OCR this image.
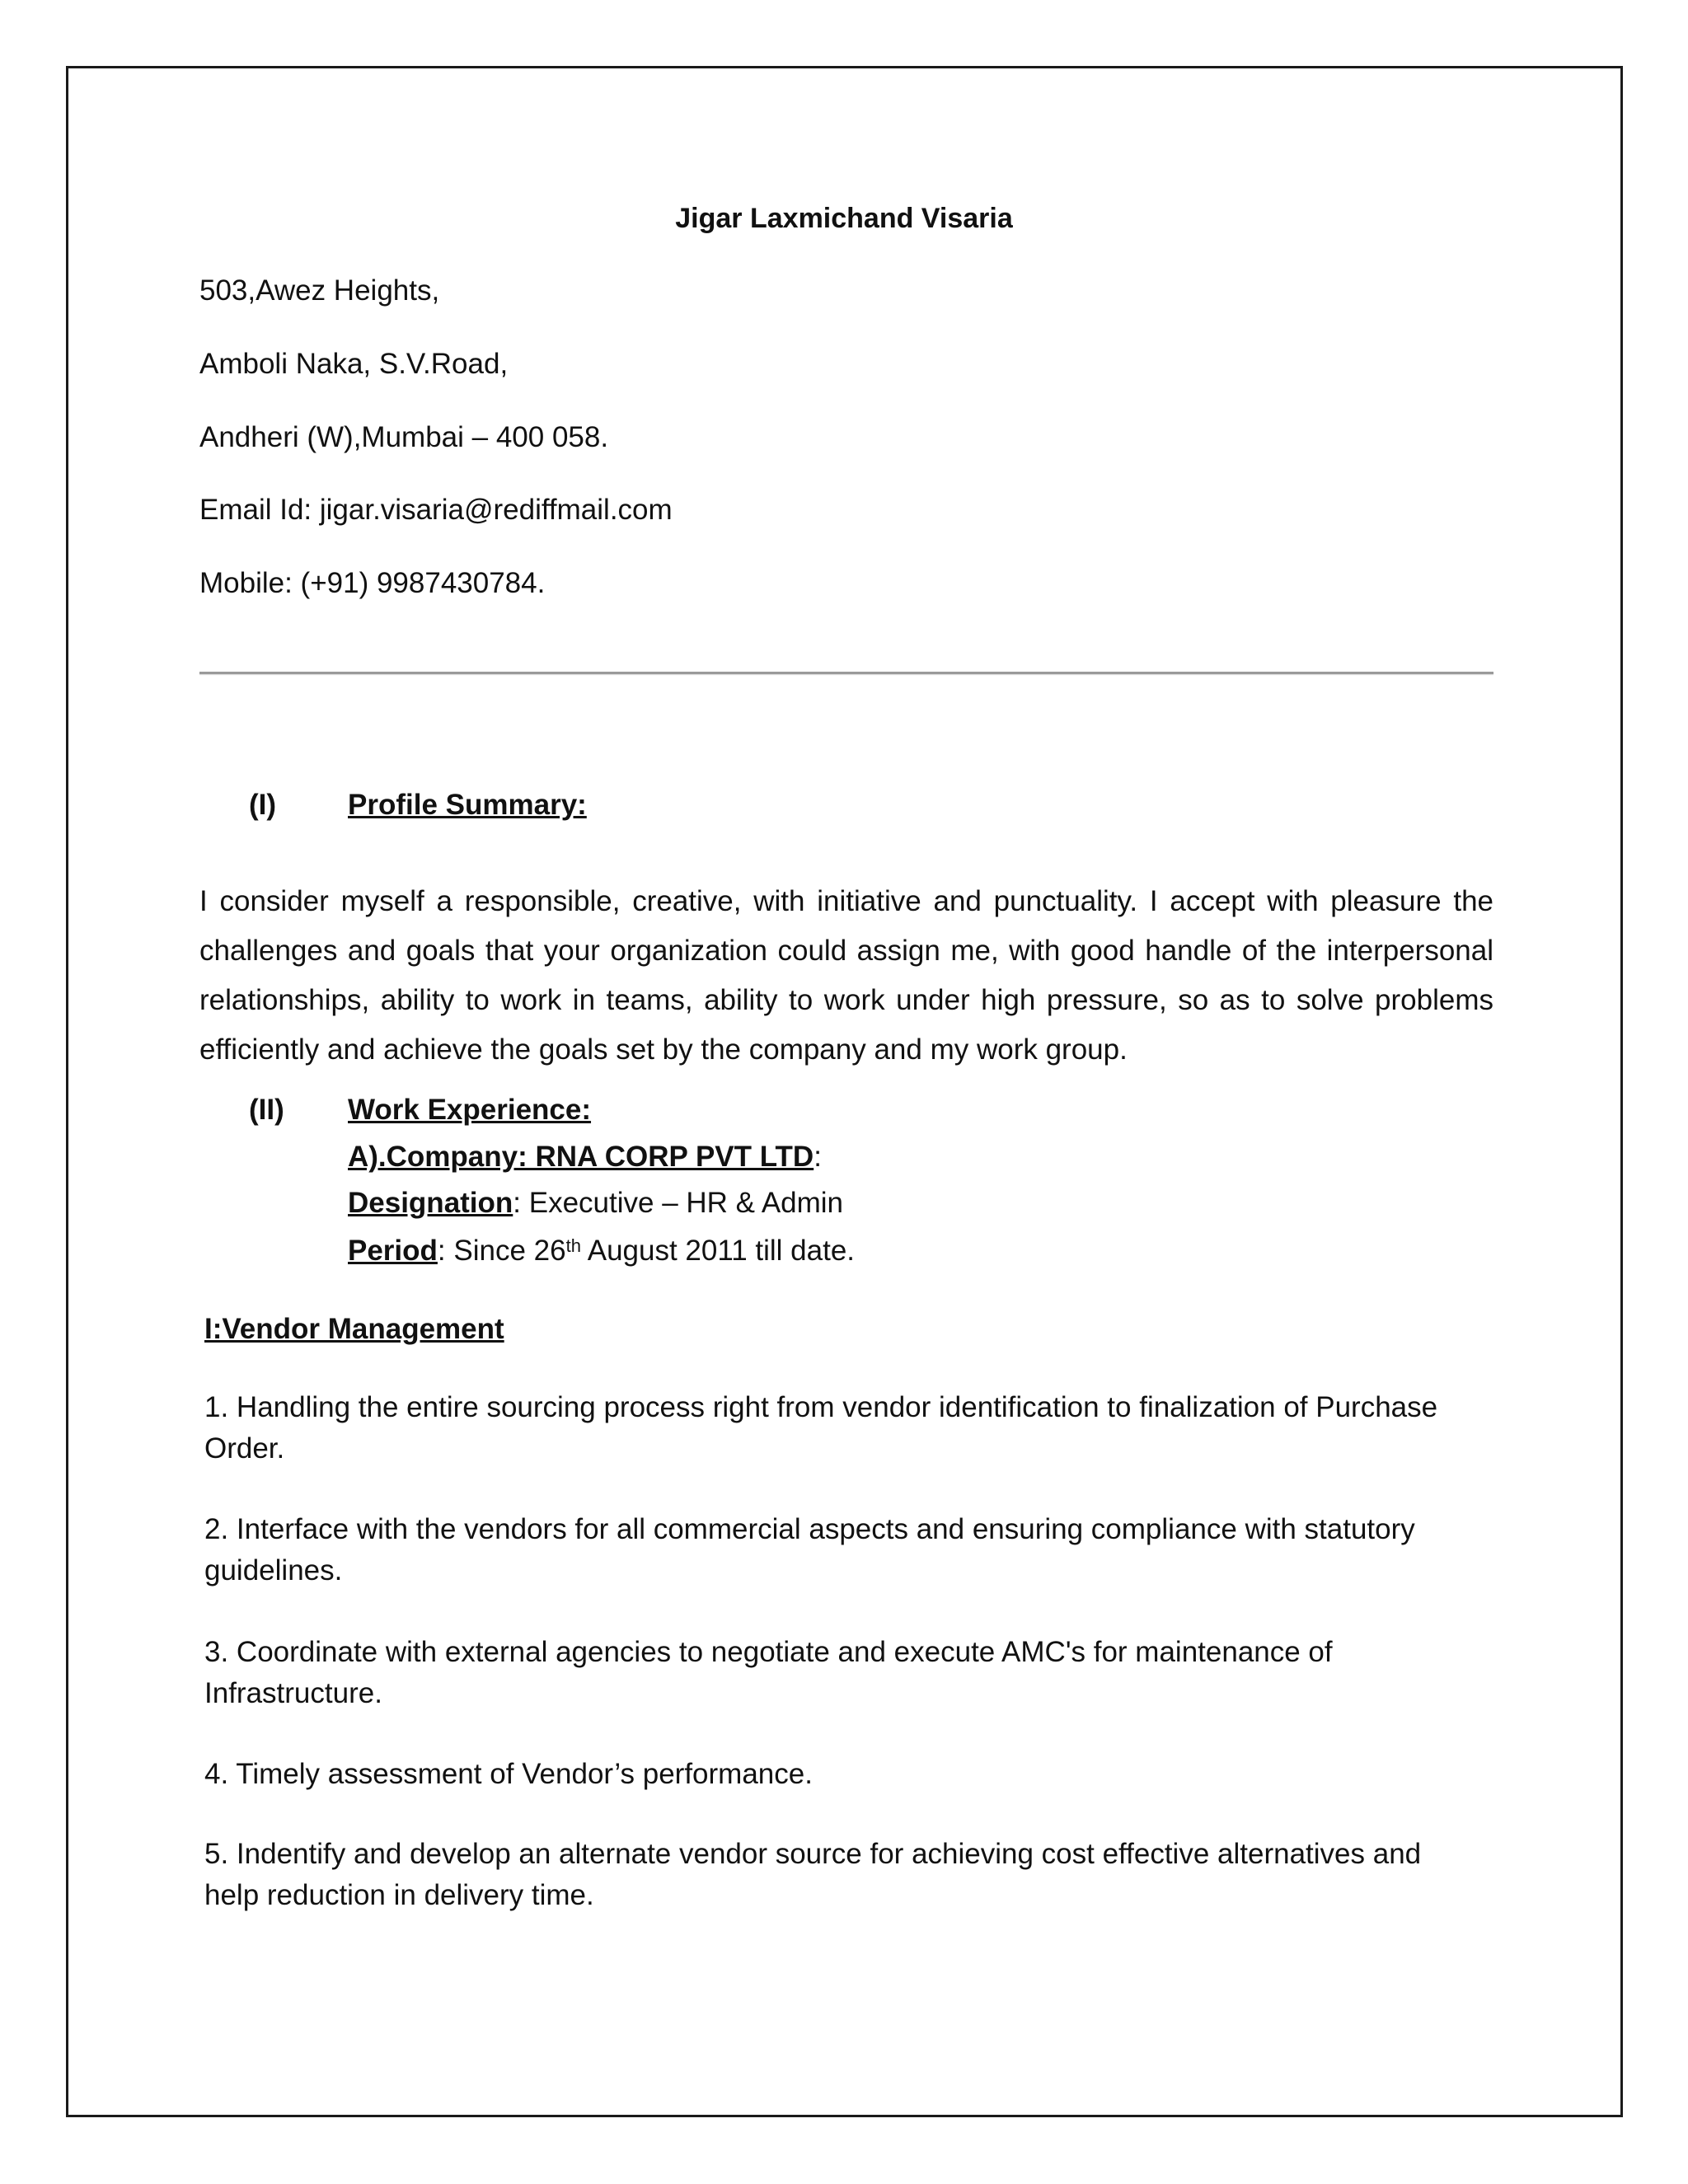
Jigar Laxmichand Visaria
503,Awez Heights,
Amboli Naka, S.V.Road,
Andheri (W),Mumbai – 400 058.
Email Id: jigar.visaria@rediffmail.com
Mobile: (+91) 9987430784.
(I) Profile Summary:

I consider myself a responsible, creative, with initiative and punctuality. I accept with pleasure the challenges and goals that your organization could assign me, with good handle of the interpersonal relationships, ability to work in teams, ability to work under high pressure, so as to solve problems efficiently and achieve the goals set by the company and my work group.

(II) Work Experience:
A).Company: RNA CORP PVT LTD:
Designation: Executive – HR & Admin
Period: Since 26th August 2011 till date.
I:Vendor Management

1. Handling the entire sourcing process right from vendor identification to finalization of Purchase Order.

2. Interface with the vendors for all commercial aspects and ensuring compliance with statutory guidelines.

3. Coordinate with external agencies to negotiate and execute AMC's for maintenance of Infrastructure.

4. Timely assessment of Vendor’s performance.

5. Indentify and develop an alternate vendor source for achieving cost effective alternatives and help reduction in delivery time.
